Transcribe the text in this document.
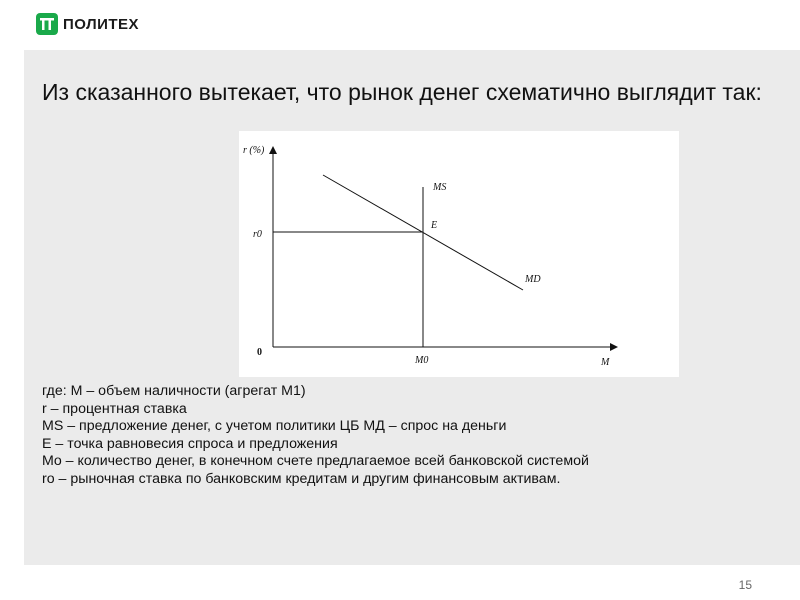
ПОЛИТЕХ
Из сказанного вытекает, что рынок денег схематично выглядит так:
r (%)
r0
0
M0	M
MS
E
MD
где: М – объем наличности (агрегат М1)
r – процентная ставка
MS – предложение денег, с учетом политики ЦБ МД – спрос на деньги
Е – точка равновесия спроса и предложения
Mo – количество денег, в конечном счете предлагаемое всей банковской системой
ro – рыночная ставка по банковским кредитам и другим финансовым активам.
15
